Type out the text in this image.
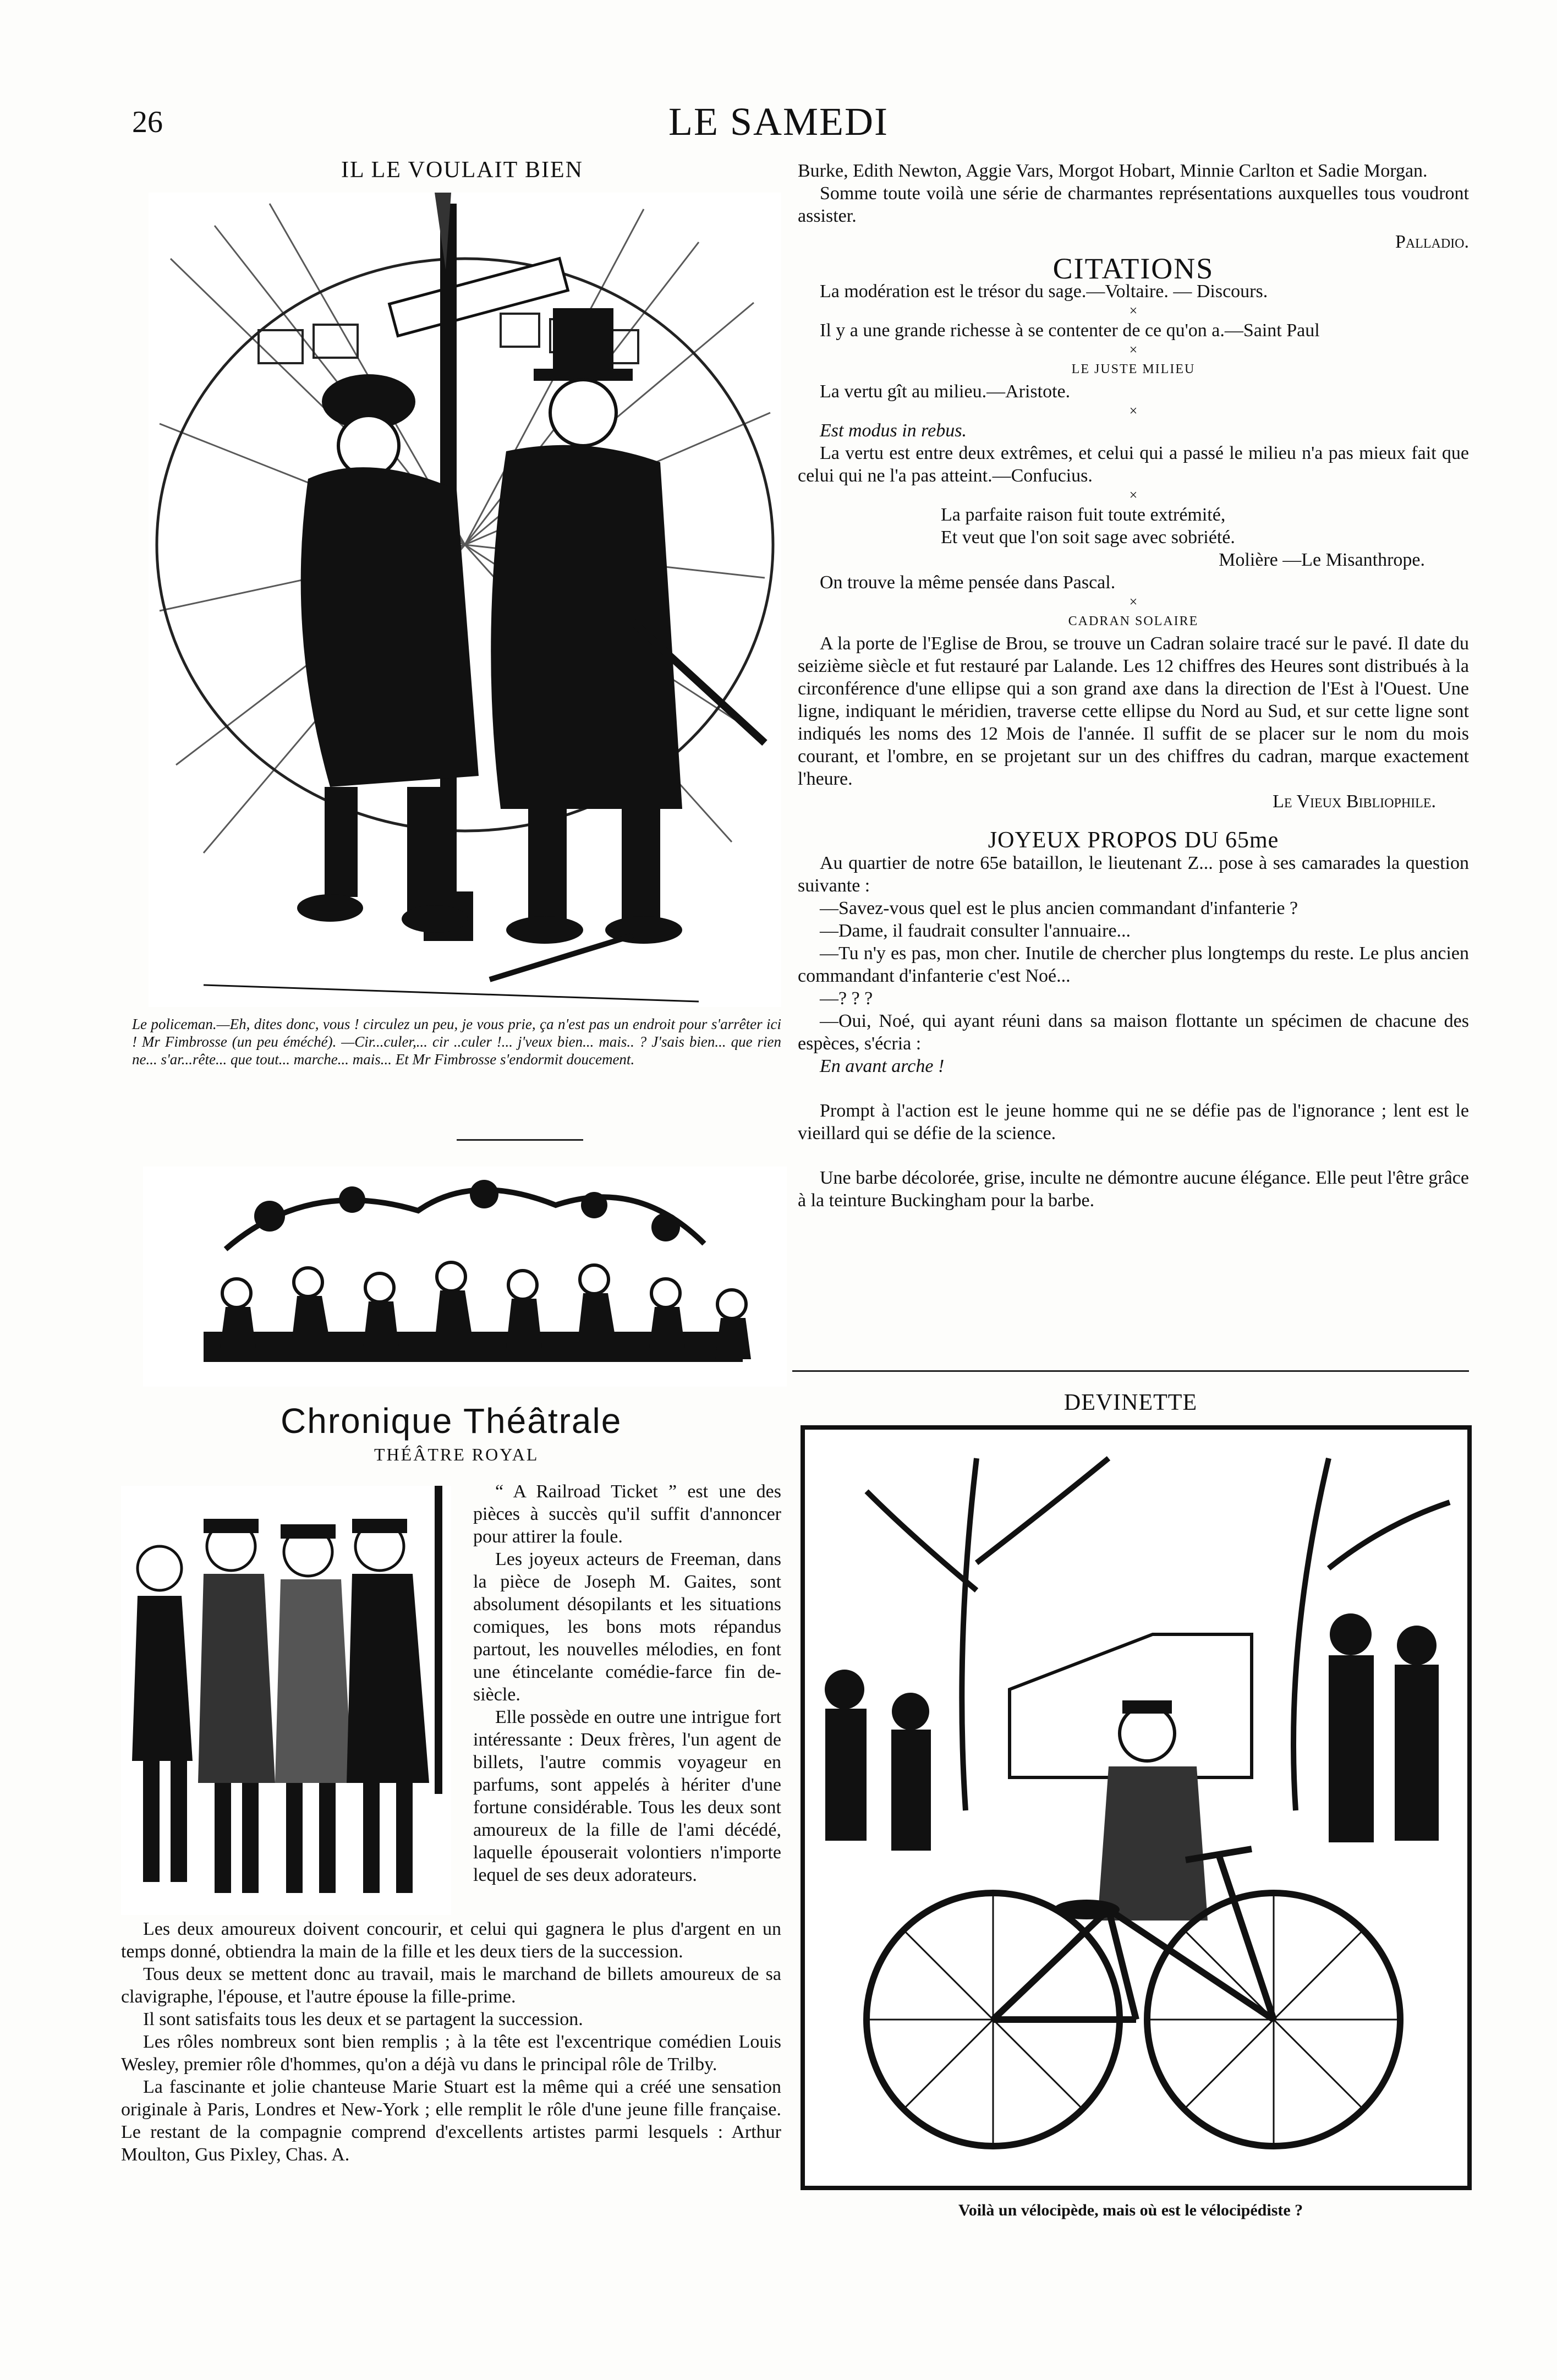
26	LE SAMEDI
IL LE VOULAIT BIEN
Le policeman.—Eh, dites donc, vous ! circulez un peu, je vous prie, ça n'est pas un endroit pour s'arrêter ici ! Mr Fimbrosse (un peu éméché). —Cir...culer,... cir ..culer !... j'veux bien... mais.. ? J'sais bien... que rien ne... s'ar...rête... que tout... marche... mais... Et Mr Fimbrosse s'endormit doucement.
Chronique Théâtrale
THÉÂTRE ROYAL

“ A Railroad Ticket ” est une des pièces à succès qu'il suffit d'annoncer pour attirer la foule.

Les joyeux acteurs de Freeman, dans la pièce de Joseph M. Gaites, sont absolument désopilants et les situations comiques, les bons mots répandus partout, les nouvelles mélodies, en font une étincelante comédie-farce fin de-siècle.

Elle possède en outre une intrigue fort intéressante : Deux frères, l'un agent de billets, l'autre commis voyageur en parfums, sont appelés à hériter d'une fortune considérable. Tous les deux sont amoureux de la fille de l'ami décédé, laquelle épouserait volontiers n'importe lequel de ses deux adorateurs.

Les deux amoureux doivent concourir, et celui qui gagnera le plus d'argent en un temps donné, obtiendra la main de la fille et les deux tiers de la succession.

Tous deux se mettent donc au travail, mais le marchand de billets amoureux de sa clavigraphe, l'épouse, et l'autre épouse la fille-prime.

Il sont satisfaits tous les deux et se partagent la succession.

Les rôles nombreux sont bien remplis ; à la tête est l'excentrique comédien Louis Wesley, premier rôle d'hommes, qu'on a déjà vu dans le principal rôle de Trilby.

La fascinante et jolie chanteuse Marie Stuart est la même qui a créé une sensation originale à Paris, Londres et New-York ; elle remplit le rôle d'une jeune fille française. Le restant de la compagnie comprend d'excellents artistes parmi lesquels : Arthur Moulton, Gus Pixley, Chas. A.

Burke, Edith Newton, Aggie Vars, Morgot Hobart, Minnie Carlton et Sadie Morgan.

Somme toute voilà une série de charmantes représentations auxquelles tous voudront assister.

Palladio.

CITATIONS

La modération est le trésor du sage.—Voltaire. — Discours.

×

Il y a une grande richesse à se contenter de ce qu'on a.—Saint Paul

×

LE JUSTE MILIEU

La vertu gît au milieu.—Aristote.

×

Est modus in rebus.

La vertu est entre deux extrêmes, et celui qui a passé le milieu n'a pas mieux fait que celui qui ne l'a pas atteint.—Confucius.

×

La parfaite raison fuit toute extrémité,

Et veut que l'on soit sage avec sobriété.

Molière —Le Misanthrope.

On trouve la même pensée dans Pascal.

×

CADRAN SOLAIRE

A la porte de l'Eglise de Brou, se trouve un Cadran solaire tracé sur le pavé. Il date du seizième siècle et fut restauré par Lalande. Les 12 chiffres des Heures sont distribués à la circonférence d'une ellipse qui a son grand axe dans la direction de l'Est à l'Ouest. Une ligne, indiquant le méridien, traverse cette ellipse du Nord au Sud, et sur cette ligne sont indiqués les noms des 12 Mois de l'année. Il suffit de se placer sur le nom du mois courant, et l'ombre, en se projetant sur un des chiffres du cadran, marque exactement l'heure.

Le Vieux Bibliophile.

JOYEUX PROPOS DU 65me

Au quartier de notre 65e bataillon, le lieutenant Z... pose à ses camarades la question suivante :

—Savez-vous quel est le plus ancien commandant d'infanterie ?

—Dame, il faudrait consulter l'annuaire...

—Tu n'y es pas, mon cher. Inutile de chercher plus longtemps du reste. Le plus ancien commandant d'infanterie c'est Noé...

—? ? ?

—Oui, Noé, qui ayant réuni dans sa maison flottante un spécimen de chacune des espèces, s'écria :

En avant arche !

Prompt à l'action est le jeune homme qui ne se défie pas de l'ignorance ; lent est le vieillard qui se défie de la science.

Une barbe décolorée, grise, inculte ne démontre aucune élégance. Elle peut l'être grâce à la teinture Buckingham pour la barbe.

DEVINETTE
Voilà un vélocipède, mais où est le vélocipédiste ?
